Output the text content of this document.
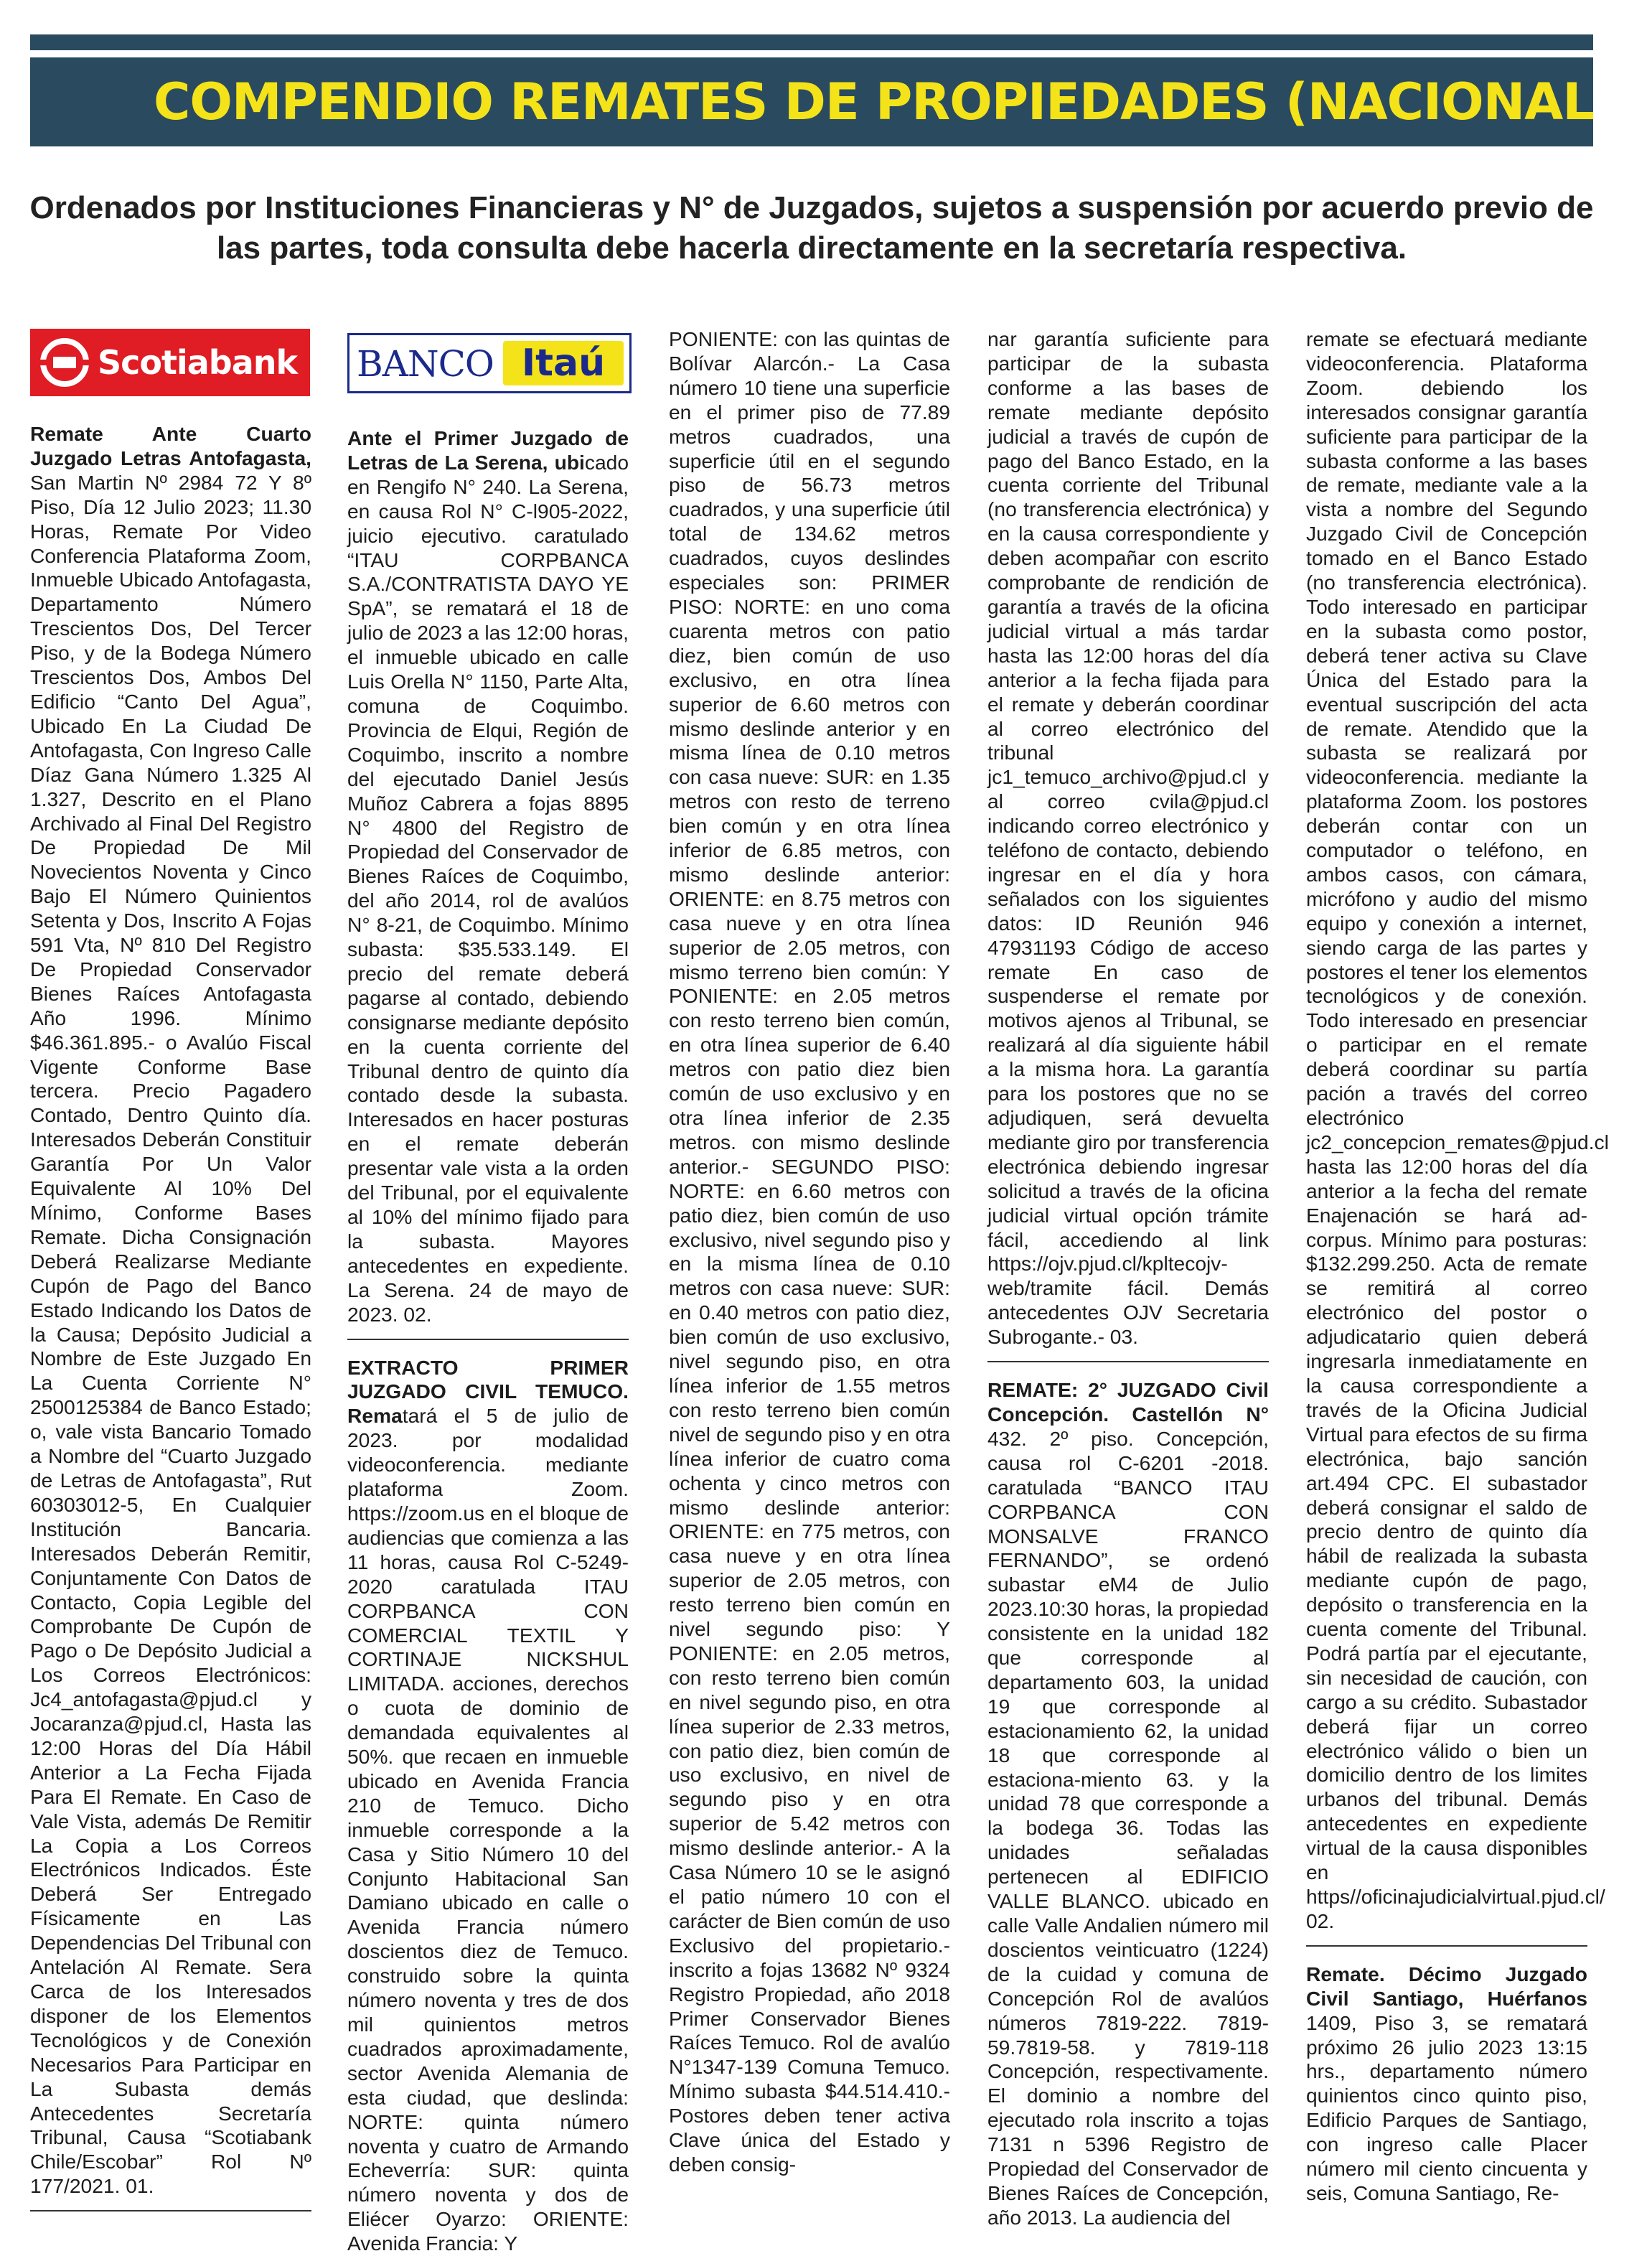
COMPENDIO REMATES DE PROPIEDADES (NACIONAL
Ordenados por Instituciones Financieras y N° de Juzgados, sujetos a suspensión por acuerdo previo de las partes, toda consulta debe hacerla directamente en la secretaría respectiva.
Scotiabank

Remate Ante Cuarto Juzgado Letras Antofagasta, San Martin Nº 2984 72 Y 8º Piso, Día 12 Julio 2023; 11.30 Horas, Remate Por Video Conferencia Plataforma Zoom, Inmueble Ubicado Antofagasta, Departamento Número Trescientos Dos, Del Tercer Piso, y de la Bodega Número Trescientos Dos, Ambos Del Edificio “Canto Del Agua”, Ubicado En La Ciudad De Antofagasta, Con Ingreso Calle Díaz Gana Número 1.325 Al 1.327, Descrito en el Plano Archivado al Final Del Registro De Propiedad De Mil Novecientos Noventa y Cinco Bajo El Número Quinientos Setenta y Dos, Inscrito A Fojas 591 Vta, Nº 810 Del Registro De Propiedad Conservador Bienes Raíces Antofagasta Año 1996. Mínimo $46.361.895.- o Avalúo Fiscal Vigente Conforme Base tercera. Precio Pagadero Contado, Dentro Quinto día. Interesados Deberán Constituir Garantía Por Un Valor Equivalente Al 10% Del Mínimo, Conforme Bases Remate. Dicha Consignación Deberá Realizarse Mediante Cupón de Pago del Banco Estado Indicando los Datos de la Causa; Depósito Judicial a Nombre de Este Juzgado En La Cuenta Corriente N° 2500125384 de Banco Estado; o, vale vista Bancario Tomado a Nombre del “Cuarto Juzgado de Letras de Antofagasta”, Rut 60303012-5, En Cualquier Institución Bancaria. Interesados Deberán Remitir, Conjuntamente Con Datos de Contacto, Copia Legible del Comprobante De Cupón de Pago o De Depósito Judicial a Los Correos Electrónicos: Jc4_antofagasta@pjud.cl y Jocaranza@pjud.cl, Hasta las 12:00 Horas del Día Hábil Anterior a La Fecha Fijada Para El Remate. En Caso de Vale Vista, además De Remitir La Copia a Los Correos Electrónicos Indicados. Éste Deberá Ser Entregado Físicamente en Las Dependencias Del Tribunal con Antelación Al Remate. Sera Carca de los Interesados disponer de los Elementos Tecnológicos y de Conexión Necesarios Para Participar en La Subasta demás Antecedentes Secretaría Tribunal, Causa “Scotiabank Chile/Escobar” Rol Nº 177/2021. 01.

BANCO Itaú

Ante el Primer Juzgado de Letras de La Serena, ubicado en Rengifo N° 240. La Serena, en causa Rol N° C-l905-2022, juicio ejecutivo. caratulado “ITAU CORPBANCA S.A./CONTRATISTA DAYO YE SpA”, se rematará el 18 de julio de 2023 a las 12:00 horas, el inmueble ubicado en calle Luis Orella N° 1150, Parte Alta, comuna de Coquimbo. Provincia de Elqui, Región de Coquimbo, inscrito a nombre del ejecutado Daniel Jesús Muñoz Cabrera a fojas 8895 N° 4800 del Registro de Propiedad del Conservador de Bienes Raíces de Coquimbo, del año 2014, rol de avalúos N° 8-21, de Coquimbo. Mínimo subasta: $35.533.149. El precio del remate deberá pagarse al contado, debiendo consignarse mediante depósito en la cuenta corriente del Tribunal dentro de quinto día contado desde la subasta. Interesados en hacer posturas en el remate deberán presentar vale vista a la orden del Tribunal, por el equivalente al 10% del mínimo fijado para la subasta. Mayores antecedentes en expediente. La Serena. 24 de mayo de 2023. 02.

EXTRACTO PRIMER JUZGADO CIVIL TEMUCO. Rematará el 5 de julio de 2023. por modalidad videoconferencia. mediante plataforma Zoom. https://zoom.us en el bloque de audiencias que comienza a las 11 horas, causa Rol C-5249-2020 caratulada ITAU CORPBANCA CON COMERCIAL TEXTIL Y CORTINAJE NICKSHUL LIMITADA. acciones, derechos o cuota de dominio de demandada equivalentes al 50%. que recaen en inmueble ubicado en Avenida Francia 210 de Temuco. Dicho inmueble corresponde a la Casa y Sitio Número 10 del Conjunto Habitacional San Damiano ubicado en calle o Avenida Francia número doscientos diez de Temuco. construido sobre la quinta número noventa y tres de dos mil quinientos metros cuadrados aproximadamente, sector Avenida Alemania de esta ciudad, que deslinda: NORTE: quinta número noventa y cuatro de Armando Echeverría: SUR: quinta número noventa y dos de Eliécer Oyarzo: ORIENTE: Avenida Francia: Y

PONIENTE: con las quintas de Bolívar Alarcón.- La Casa número 10 tiene una superficie en el primer piso de 77.89 metros cuadrados, una superficie útil en el segundo piso de 56.73 metros cuadrados, y una superficie útil total de 134.62 metros cuadrados, cuyos deslindes especiales son: PRIMER PISO: NORTE: en uno coma cuarenta metros con patio diez, bien común de uso exclusivo, en otra línea superior de 6.60 metros con mismo deslinde anterior y en misma línea de 0.10 metros con casa nueve: SUR: en 1.35 metros con resto de terreno bien común y en otra línea inferior de 6.85 metros, con mismo deslinde anterior: ORIENTE: en 8.75 metros con casa nueve y en otra línea superior de 2.05 metros, con mismo terreno bien común: Y PONIENTE: en 2.05 metros con resto terreno bien común, en otra línea superior de 6.40 metros con patio diez bien común de uso exclusivo y en otra línea inferior de 2.35 metros. con mismo deslinde anterior.- SEGUNDO PISO: NORTE: en 6.60 metros con patio diez, bien común de uso exclusivo, nivel segundo piso y en la misma línea de 0.10 metros con casa nueve: SUR: en 0.40 metros con patio diez, bien común de uso exclusivo, nivel segundo piso, en otra línea inferior de 1.55 metros con resto terreno bien común nivel de segundo piso y en otra línea inferior de cuatro coma ochenta y cinco metros con mismo deslinde anterior: ORIENTE: en 775 metros, con casa nueve y en otra línea superior de 2.05 metros, con resto terreno bien común en nivel segundo piso: Y PONIENTE: en 2.05 metros, con resto terreno bien común en nivel segundo piso, en otra línea superior de 2.33 metros, con patio diez, bien común de uso exclusivo, en nivel de segundo piso y en otra superior de 5.42 metros con mismo deslinde anterior.- A la Casa Número 10 se le asignó el patio número 10 con el carácter de Bien común de uso Exclusivo del propietario.- inscrito a fojas 13682 Nº 9324 Registro Propiedad, año 2018 Primer Conservador Bienes Raíces Temuco. Rol de avalúo N°1347-139 Comuna Temuco. Mínimo subasta $44.514.410.- Postores deben tener activa Clave única del Estado y deben consig-

nar garantía suficiente para participar de la subasta conforme a las bases de remate mediante depósito judicial a través de cupón de pago del Banco Estado, en la cuenta corriente del Tribunal (no transferencia electrónica) y en la causa correspondiente y deben acompañar con escrito comprobante de rendición de garantía a través de la oficina judicial virtual a más tardar hasta las 12:00 horas del día anterior a la fecha fijada para el remate y deberán coordinar al correo electrónico del tribunal jc1_temuco_archivo@pjud.cl y al correo cvila@pjud.cl indicando correo electrónico y teléfono de contacto, debiendo ingresar en el día y hora señalados con los siguientes datos: ID Reunión 946 47931193 Código de acceso remate En caso de suspenderse el remate por motivos ajenos al Tribunal, se realizará al día siguiente hábil a la misma hora. La garantía para los postores que no se adjudiquen, será devuelta mediante giro por transferencia electrónica debiendo ingresar solicitud a través de la oficina judicial virtual opción trámite fácil, accediendo al link https://ojv.pjud.cl/kpltecojv-web/tramite fácil. Demás antecedentes OJV Secretaria Subrogante.- 03.

REMATE: 2° JUZGADO Civil Concepción. Castellón N° 432. 2º piso. Concepción, causa rol C-6201 -2018. caratulada “BANCO ITAU CORPBANCA CON MONSALVE FRANCO FERNANDO”, se ordenó subastar eM4 de Julio 2023.10:30 horas, la propiedad consistente en la unidad 182 que corresponde al departamento 603, la unidad 19 que corresponde al estacionamiento 62, la unidad 18 que corresponde al estaciona-miento 63. y la unidad 78 que corresponde a la bodega 36. Todas las unidades señaladas pertenecen al EDIFICIO VALLE BLANCO. ubicado en calle Valle Andalien número mil doscientos veinticuatro (1224) de la cuidad y comuna de Concepción Rol de avalúos números 7819-222. 7819-59.7819-58. y 7819-118 Concepción, respectivamente. El dominio a nombre del ejecutado rola inscrito a tojas 7131 n 5396 Registro de Propiedad del Conservador de Bienes Raíces de Concepción, año 2013. La audiencia del

remate se efectuará mediante videoconferencia. Plataforma Zoom. debiendo los interesados consignar garantía suficiente para participar de la subasta conforme a las bases de remate, mediante vale a la vista a nombre del Segundo Juzgado Civil de Concepción tomado en el Banco Estado (no transferencia electrónica). Todo interesado en participar en la subasta como postor, deberá tener activa su Clave Única del Estado para la eventual suscripción del acta de remate. Atendido que la subasta se realizará por videoconferencia. mediante la plataforma Zoom. los postores deberán contar con un computador o teléfono, en ambos casos, con cámara, micrófono y audio del mismo equipo y conexión a internet, siendo carga de las partes y postores el tener los elementos tecnológicos y de conexión. Todo interesado en presenciar o participar en el remate deberá coordinar su partía pación a través del correo electrónico jc2_concepcion_remates@pjud.cl hasta las 12:00 horas del día anterior a la fecha del remate Enajenación se hará ad-corpus. Mínimo para posturas: $132.299.250. Acta de remate se remitirá al correo electrónico del postor o adjudicatario quien deberá ingresarla inmediatamente en la causa correspondiente a través de la Oficina Judicial Virtual para efectos de su firma electrónica, bajo sanción art.494 CPC. El subastador deberá consignar el saldo de precio dentro de quinto día hábil de realizada la subasta mediante cupón de pago, depósito o transferencia en la cuenta comente del Tribunal. Podrá partía par el ejecutante, sin necesidad de caución, con cargo a su crédito. Subastador deberá fijar un correo electrónico válido o bien un domicilio dentro de los limites urbanos del tribunal. Demás antecedentes en expediente virtual de la causa disponibles en https//oficinajudicialvirtual.pjud.cl/ 02.

Remate. Décimo Juzgado Civil Santiago, Huérfanos 1409, Piso 3, se rematará próximo 26 julio 2023 13:15 hrs., departamento número quinientos cinco quinto piso, Edificio Parques de Santiago, con ingreso calle Placer número mil ciento cincuenta y seis, Comuna Santiago, Re-
